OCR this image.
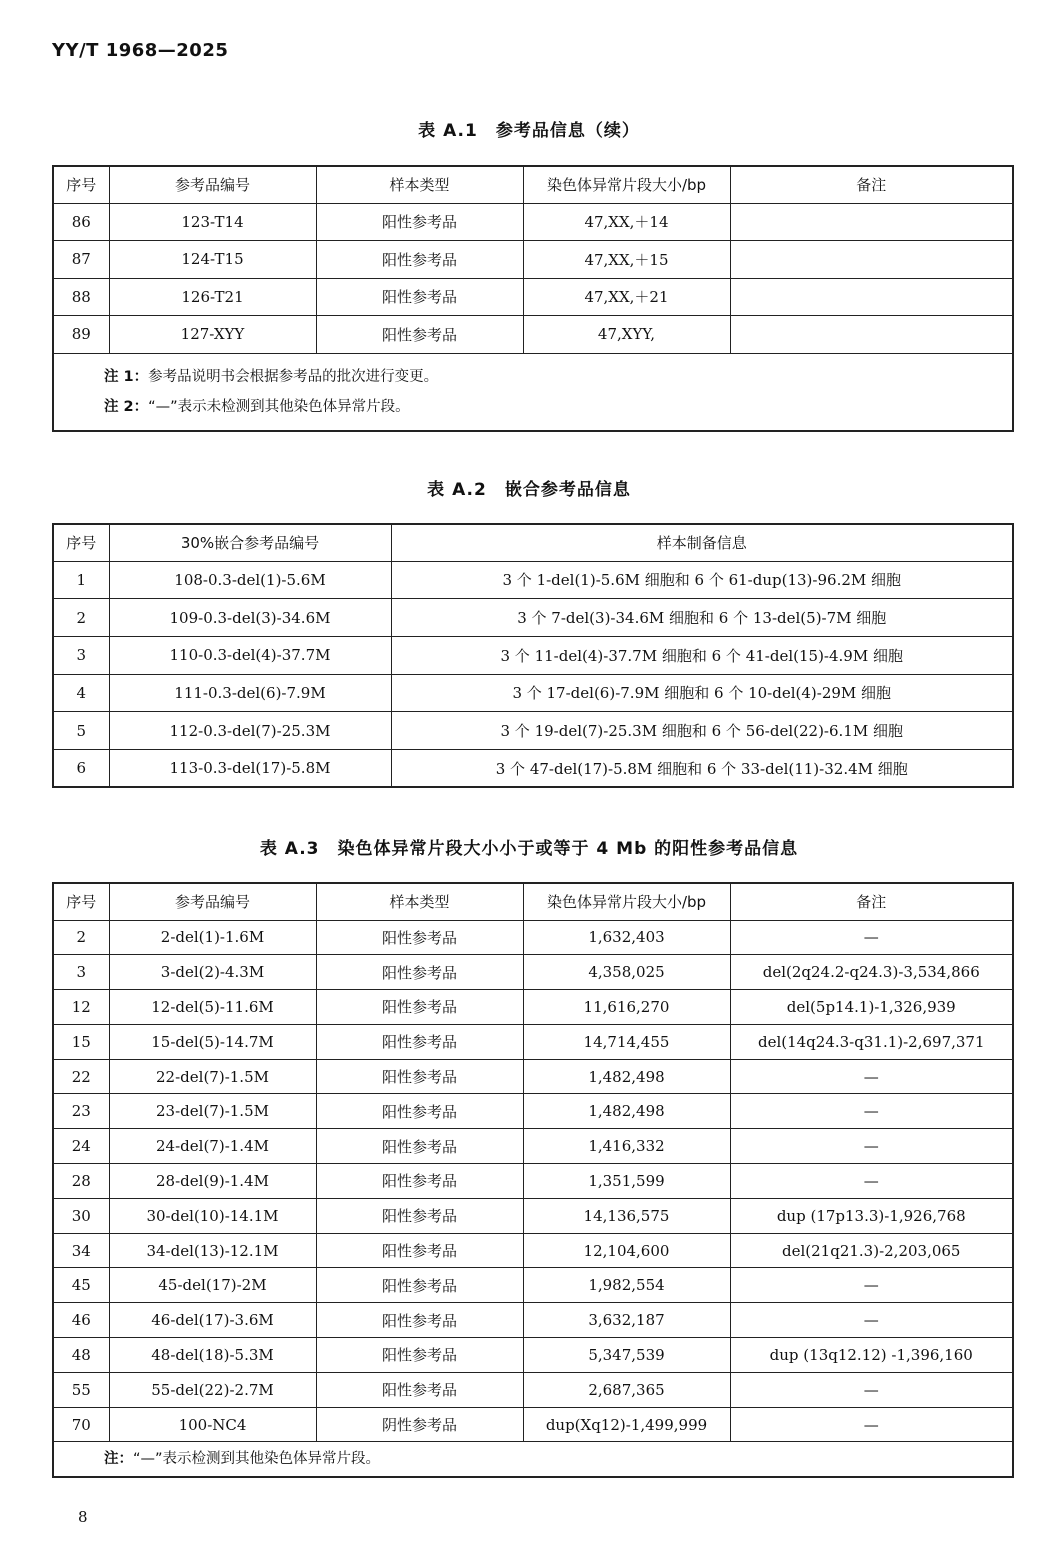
YY/T 1968—2025
表 A.1　参考品信息（续）
序号	参考品编号	样本类型	染色体异常片段大小/bp	备注
86	123-T14	阳性参考品	47,XX,＋14	
87	124-T15	阳性参考品	47,XX,＋15	
88	126-T21	阳性参考品	47,XX,＋21	
89	127-XYY	阳性参考品	47,XYY,	

注 1：参考品说明书会根据参考品的批次进行变更。
注 2：“—”表示未检测到其他染色体异常片段。				
表 A.2　嵌合参考品信息
序号	30%嵌合参考品编号	样本制备信息
1	108-0.3-del(1)-5.6M	3 个 1-del(1)-5.6M 细胞和 6 个 61-dup(13)-96.2M 细胞
2	109-0.3-del(3)-34.6M	3 个 7-del(3)-34.6M 细胞和 6 个 13-del(5)-7M 细胞
3	110-0.3-del(4)-37.7M	3 个 11-del(4)-37.7M 细胞和 6 个 41-del(15)-4.9M 细胞
4	111-0.3-del(6)-7.9M	3 个 17-del(6)-7.9M 细胞和 6 个 10-del(4)-29M 细胞
5	112-0.3-del(7)-25.3M	3 个 19-del(7)-25.3M 细胞和 6 个 56-del(22)-6.1M 细胞
6	113-0.3-del(17)-5.8M	3 个 47-del(17)-5.8M 细胞和 6 个 33-del(11)-32.4M 细胞
表 A.3　染色体异常片段大小小于或等于 4 Mb 的阳性参考品信息
序号	参考品编号	样本类型	染色体异常片段大小/bp	备注
2	2-del(1)-1.6M	阳性参考品	1,632,403	—
3	3-del(2)-4.3M	阳性参考品	4,358,025	del(2q24.2-q24.3)-3,534,866
12	12-del(5)-11.6M	阳性参考品	11,616,270	del(5p14.1)-1,326,939
15	15-del(5)-14.7M	阳性参考品	14,714,455	del(14q24.3-q31.1)-2,697,371
22	22-del(7)-1.5M	阳性参考品	1,482,498	—
23	23-del(7)-1.5M	阳性参考品	1,482,498	—
24	24-del(7)-1.4M	阳性参考品	1,416,332	—
28	28-del(9)-1.4M	阳性参考品	1,351,599	—
30	30-del(10)-14.1M	阳性参考品	14,136,575	dup (17p13.3)-1,926,768
34	34-del(13)-12.1M	阳性参考品	12,104,600	del(21q21.3)-2,203,065
45	45-del(17)-2M	阳性参考品	1,982,554	—
46	46-del(17)-3.6M	阳性参考品	3,632,187	—
48	48-del(18)-5.3M	阳性参考品	5,347,539	dup (13q12.12) -1,396,160
55	55-del(22)-2.7M	阳性参考品	2,687,365	—
70	100-NC4	阴性参考品	dup(Xq12)-1,499,999	—

注：“—”表示检测到其他染色体异常片段。				
8
